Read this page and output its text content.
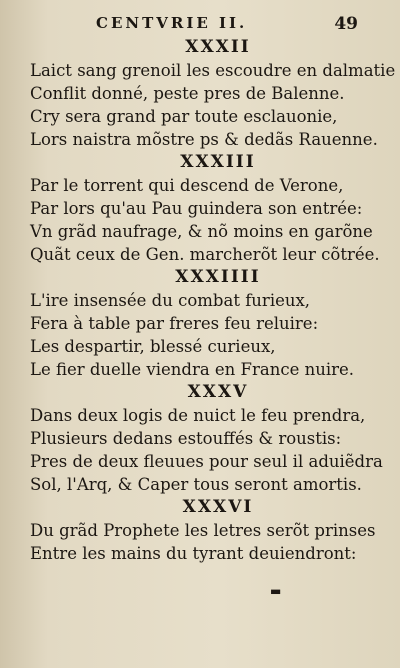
CENTVRIE II.	49
XXXII
Laict sang grenoil les escoudre en dalmatie
Conflit donné, peste pres de Balenne.
Cry sera grand par toute esclauonie,
Lors naistra mõstre ps & dedãs Rauenne.
XXXIII
Par le torrent qui descend de Verone,
Par lors qu'au Pau guindera son entrée:
Vn grãd naufrage, & nõ moins en garõne
Quãt ceux de Gen. marcherõt leur cõtrée.
XXXIIII
L'ire insensée du combat furieux,
Fera à table par freres feu reluire:
Les despartir, blessé curieux,
Le fier duelle viendra en France nuire.
XXXV
Dans deux logis de nuict le feu prendra,
Plusieurs dedans estouffés & roustis:
Pres de deux fleuues pour seul il aduiẽdra
Sol, l'Arq, & Caper tous seront amortis.
XXXVI
Du grãd Prophete les letres serõt prinses
Entre les mains du tyrant deuiendront:
▬
